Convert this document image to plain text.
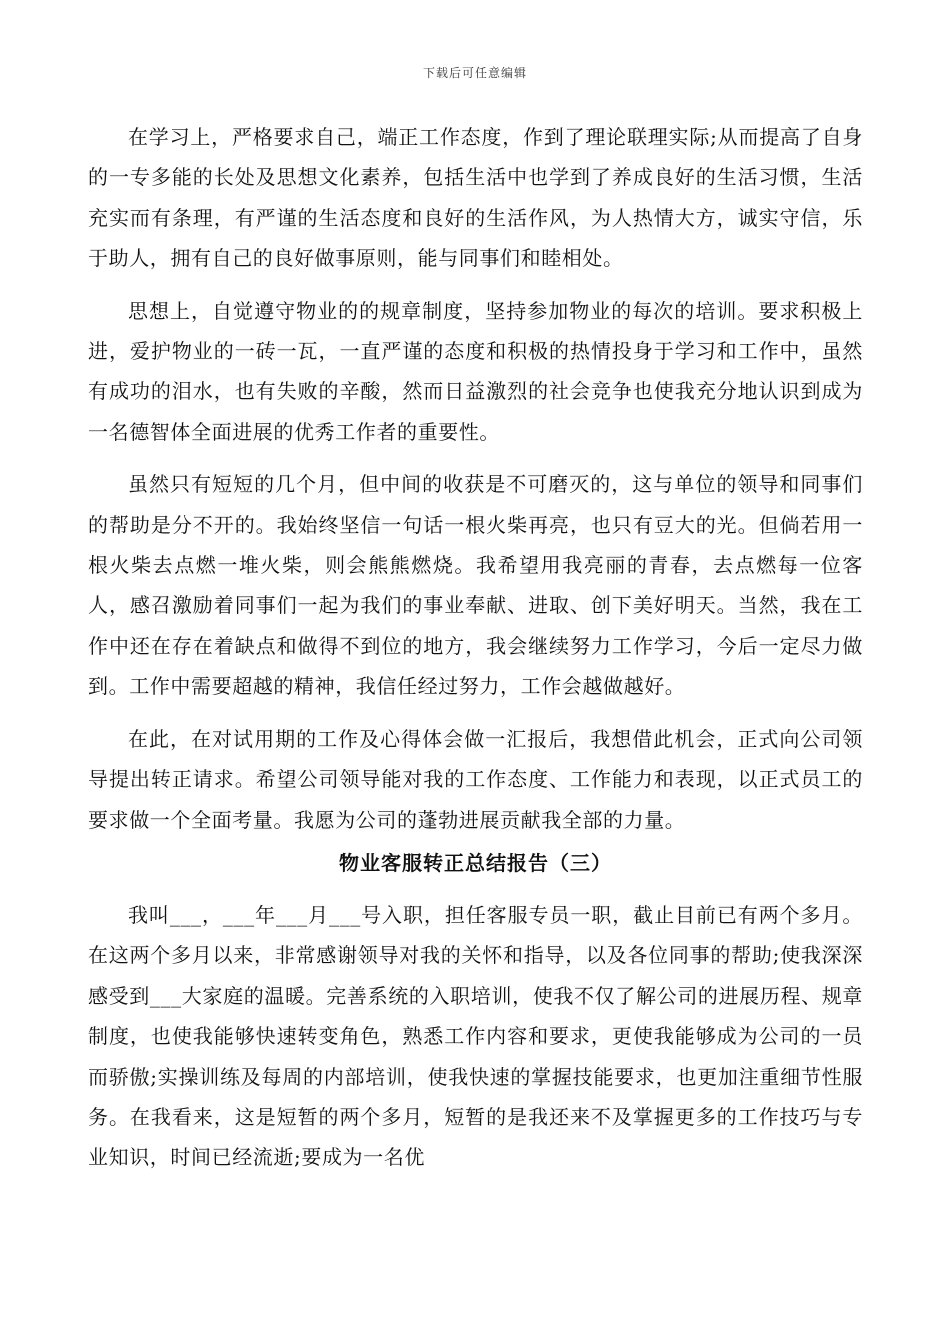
下载后可任意编辑

在学习上，严格要求自己，端正工作态度，作到了理论联理实际;从而提高了自身的一专多能的长处及思想文化素养，包括生活中也学到了养成良好的生活习惯，生活充实而有条理，有严谨的生活态度和良好的生活作风，为人热情大方，诚实守信，乐于助人，拥有自己的良好做事原则，能与同事们和睦相处。

思想上，自觉遵守物业的的规章制度，坚持参加物业的每次的培训。要求积极上进，爱护物业的一砖一瓦，一直严谨的态度和积极的热情投身于学习和工作中，虽然有成功的泪水，也有失败的辛酸，然而日益激烈的社会竞争也使我充分地认识到成为一名德智体全面进展的优秀工作者的重要性。

虽然只有短短的几个月，但中间的收获是不可磨灭的，这与单位的领导和同事们的帮助是分不开的。我始终坚信一句话一根火柴再亮，也只有豆大的光。但倘若用一根火柴去点燃一堆火柴，则会熊熊燃烧。我希望用我亮丽的青春，去点燃每一位客人，感召激励着同事们一起为我们的事业奉献、进取、创下美好明天。当然，我在工作中还在存在着缺点和做得不到位的地方，我会继续努力工作学习，今后一定尽力做到。工作中需要超越的精神，我信任经过努力，工作会越做越好。

在此，在对试用期的工作及心得体会做一汇报后，我想借此机会，正式向公司领导提出转正请求。希望公司领导能对我的工作态度、工作能力和表现，以正式员工的要求做一个全面考量。我愿为公司的蓬勃进展贡献我全部的力量。

物业客服转正总结报告（三）

我叫___，___年___月___号入职，担任客服专员一职，截止目前已有两个多月。在这两个多月以来，非常感谢领导对我的关怀和指导，以及各位同事的帮助;使我深深感受到___大家庭的温暖。完善系统的入职培训，使我不仅了解公司的进展历程、规章制度，也使我能够快速转变角色，熟悉工作内容和要求，更使我能够成为公司的一员而骄傲;实操训练及每周的内部培训，使我快速的掌握技能要求，也更加注重细节性服务。在我看来，这是短暂的两个多月，短暂的是我还来不及掌握更多的工作技巧与专业知识，时间已经流逝;要成为一名优
